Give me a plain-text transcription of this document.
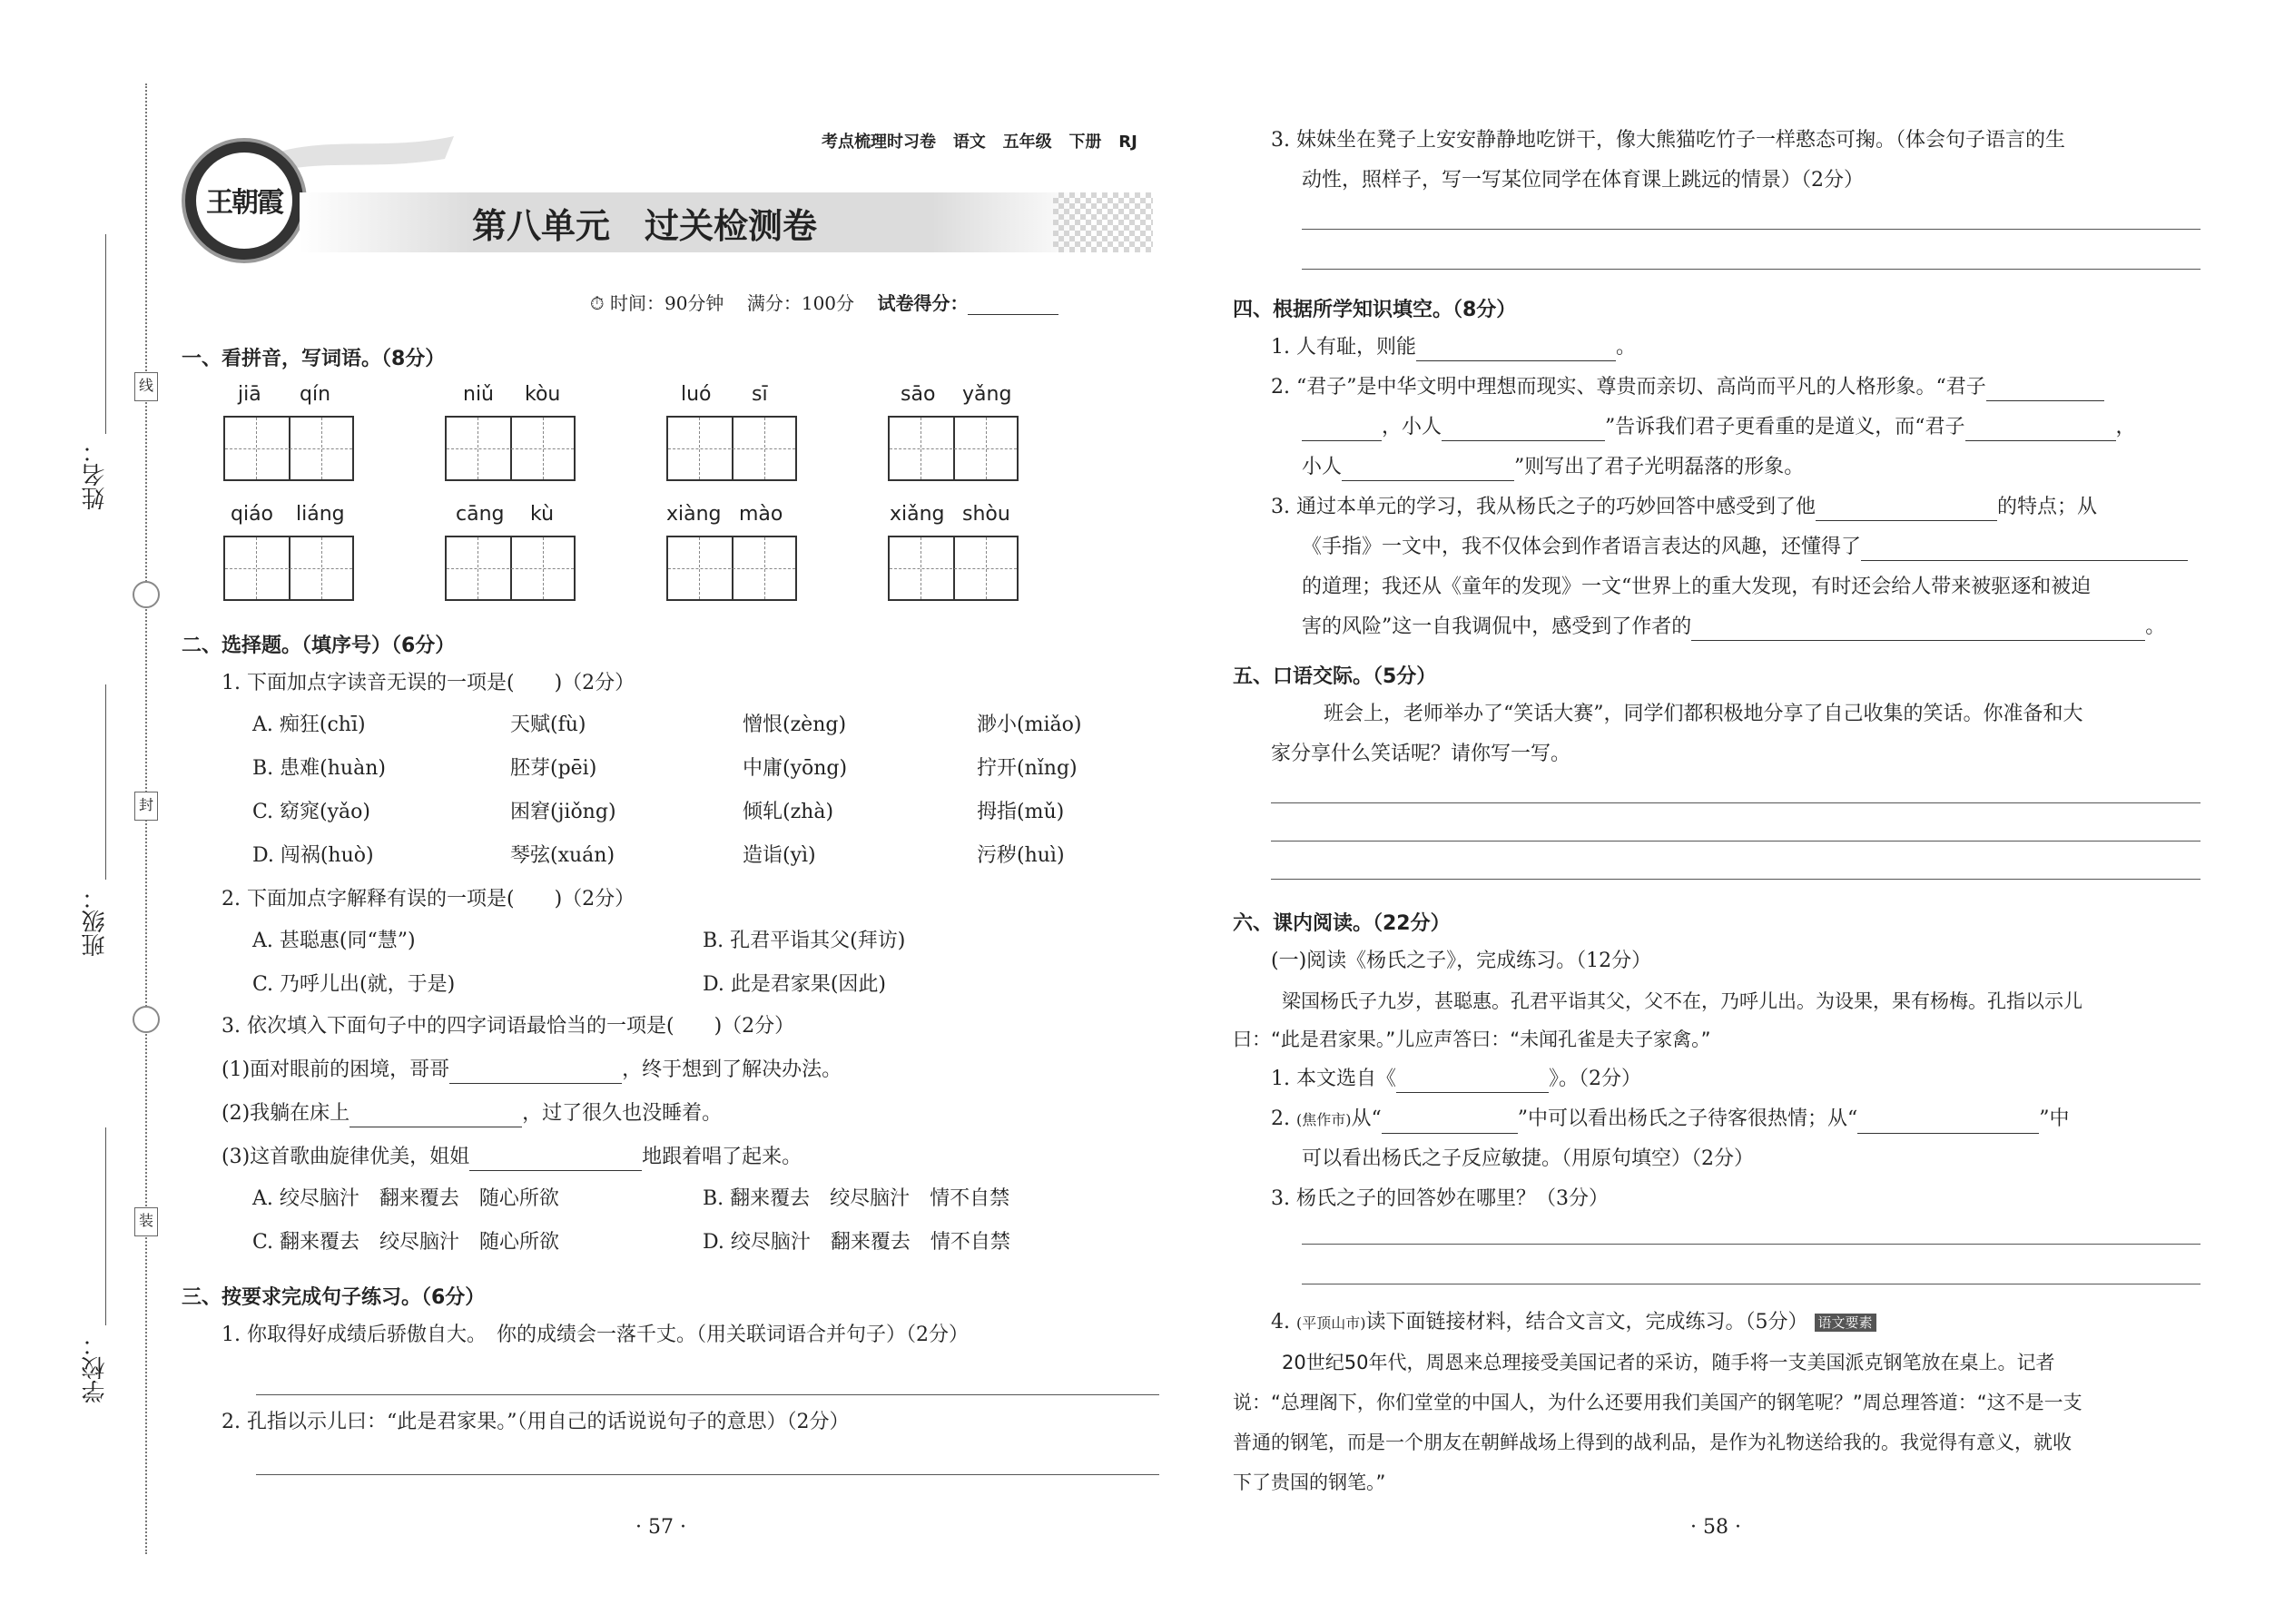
姓名：
班级：
学校：
线
封
装
考点梳理时习卷 语文 五年级 下册 RJ
王朝霞
第八单元　过关检测卷
⏱ 时间：90分钟 满分：100分 试卷得分：
一、看拼音，写词语。（8分）
jiā qín	niǔ kòu	luó sī	sāo yǎng
qiáo liáng	cāng kù	xiàng mào	xiǎng shòu
二、选择题。（填序号）（6分）
1. 下面加点字读音无误的一项是(　　)（2分）
A. 痴狂(chī)	天赋(fù)	憎恨(zèng)	渺小(miǎo)
B. 患难(huàn)	胚芽(pēi)	中庸(yōng)	拧开(nǐng)
C. 窈窕(yǎo)	困窘(jiǒng)	倾轧(zhà)	拇指(mǔ)
D. 闯祸(huò)	琴弦(xuán)	造诣(yì)	污秽(huì)
2. 下面加点字解释有误的一项是(　　)（2分）
A. 甚聪惠(同“慧”)	B. 孔君平诣其父(拜访)
C. 乃呼儿出(就，于是)	D. 此是君家果(因此)
3. 依次填入下面句子中的四字词语最恰当的一项是(　　)（2分）
(1)面对眼前的困境，哥哥	，终于想到了解决办法。
(2)我躺在床上	，过了很久也没睡着。
(3)这首歌曲旋律优美，姐姐	地跟着唱了起来。
A. 绞尽脑汁　翻来覆去　随心所欲	B. 翻来覆去　绞尽脑汁　情不自禁
C. 翻来覆去　绞尽脑汁　随心所欲	D. 绞尽脑汁　翻来覆去　情不自禁
三、按要求完成句子练习。（6分）
1. 你取得好成绩后骄傲自大。　你的成绩会一落千丈。（用关联词语合并句子）（2分）
2. 孔指以示儿曰：“此是君家果。”（用自己的话说说句子的意思）（2分）
· 57 ·
3. 妹妹坐在凳子上安安静静地吃饼干，像大熊猫吃竹子一样憨态可掬。（体会句子语言的生
动性，照样子，写一写某位同学在体育课上跳远的情景）（2分）
四、根据所学知识填空。（8分）
1. 人有耻，则能	。
2. “君子”是中华文明中理想而现实、尊贵而亲切、高尚而平凡的人格形象。“君子
，小人	”告诉我们君子更看重的是道义，而“君子	，
小人	”则写出了君子光明磊落的形象。
3. 通过本单元的学习，我从杨氏之子的巧妙回答中感受到了他	的特点；从
《手指》一文中，我不仅体会到作者语言表达的风趣，还懂得了
的道理；我还从《童年的发现》一文“世界上的重大发现，有时还会给人带来被驱逐和被迫
害的风险”这一自我调侃中，感受到了作者的	。
五、口语交际。（5分）
班会上，老师举办了“笑话大赛”，同学们都积极地分享了自己收集的笑话。你准备和大
家分享什么笑话呢？请你写一写。
六、课内阅读。（22分）
(一)阅读《杨氏之子》，完成练习。（12分）
梁国杨氏子九岁，甚聪惠。孔君平诣其父，父不在，乃呼儿出。为设果，果有杨梅。孔指以示儿
曰：“此是君家果。”儿应声答曰：“未闻孔雀是夫子家禽。”
1. 本文选自《	》。（2分）
2. (焦作市)从“	”中可以看出杨氏之子待客很热情；从“	”中
可以看出杨氏之子反应敏捷。（用原句填空）（2分）
3. 杨氏之子的回答妙在哪里？（3分）
4. (平顶山市)读下面链接材料，结合文言文，完成练习。（5分） 语文要素
20世纪50年代，周恩来总理接受美国记者的采访，随手将一支美国派克钢笔放在桌上。记者
说：“总理阁下，你们堂堂的中国人，为什么还要用我们美国产的钢笔呢？”周总理答道：“这不是一支
普通的钢笔，而是一个朋友在朝鲜战场上得到的战利品，是作为礼物送给我的。我觉得有意义，就收
下了贵国的钢笔。”
· 58 ·
